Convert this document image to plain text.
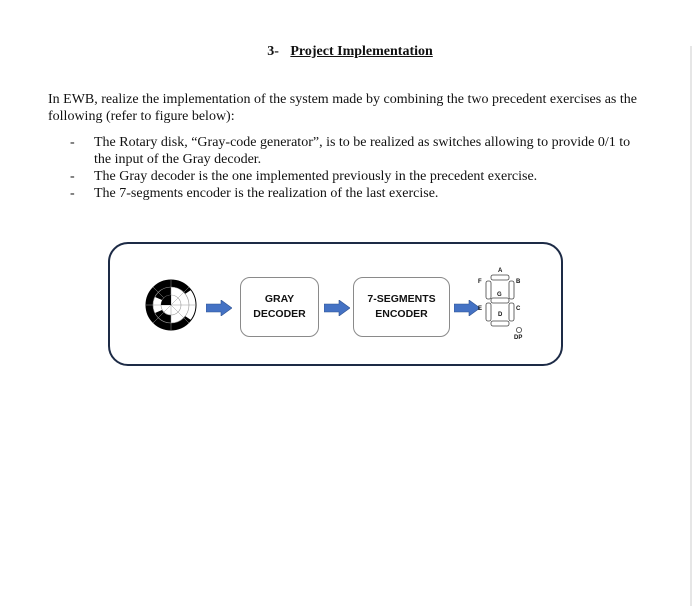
3- Project Implementation

In EWB, realize the implementation of the system made by combining the two precedent exercises as the following (refer to figure below):

- The Rotary disk, “Gray-code generator”, is to be realized as switches allowing to provide 0/1 to the input of the Gray decoder.
- The Gray decoder is the one implemented previously in the precedent exercise.
- The 7-segments encoder is the realization of the last exercise.
GRAY
DECODER
7-SEGMENTS
ENCODER
A
B
C
D
E
F
G
DP
